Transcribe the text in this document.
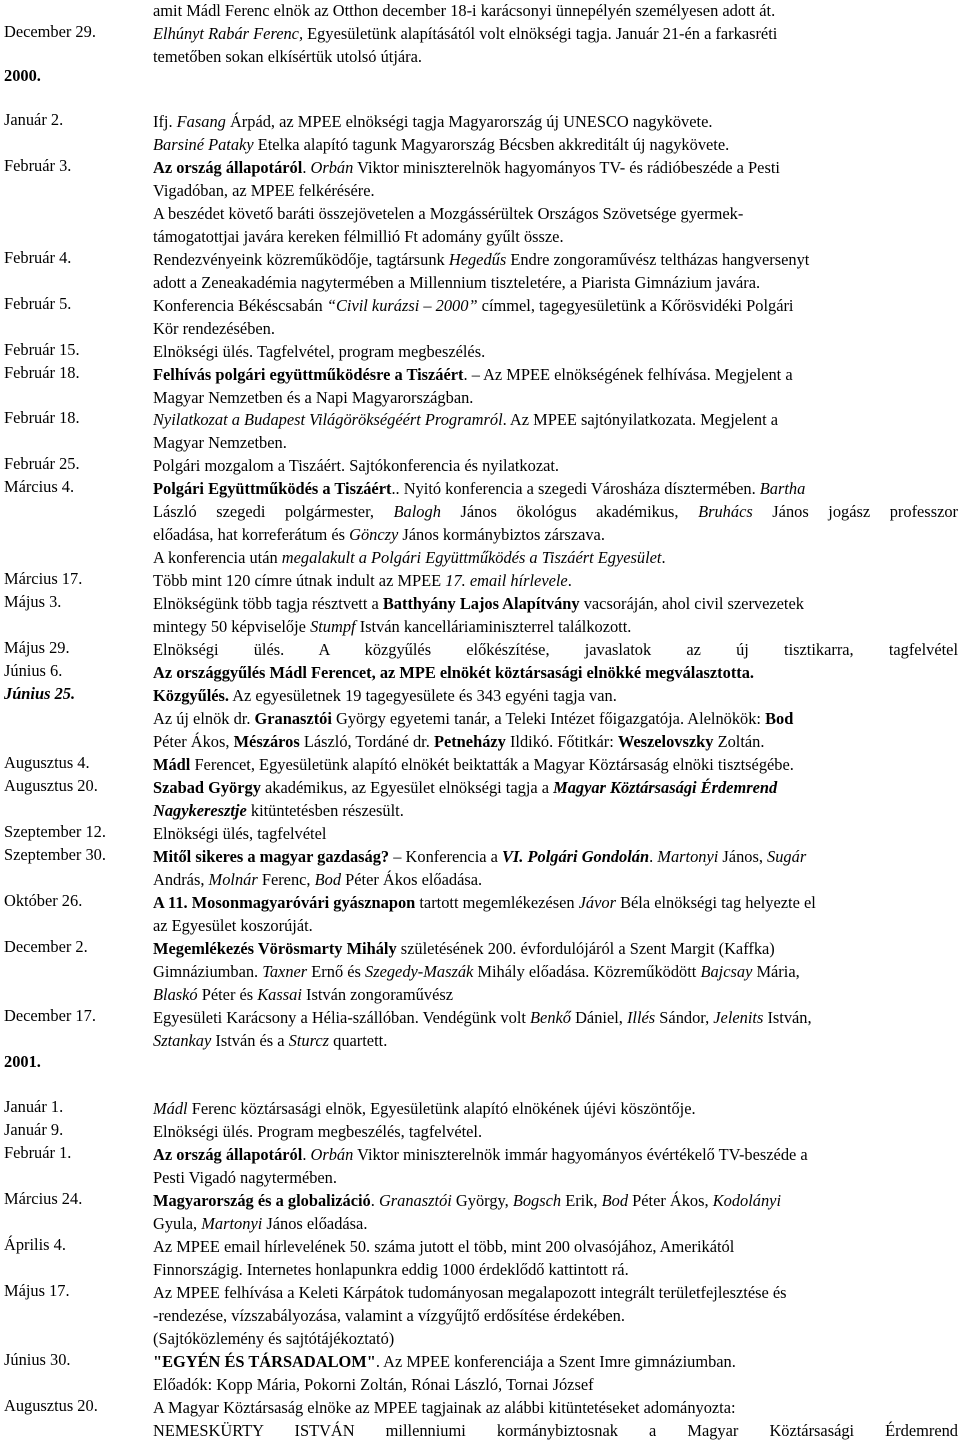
amit Mádl Ferenc elnök az Otthon december 18-i karácsonyi ünnepélyén személyesen adott át.
December 29.	Elhúnyt Rabár Ferenc, Egyesületünk alapításától volt elnökségi tagja. Január 21-én a farkasréti
temetőben sokan elkísértük utolsó útjára.
2000.
Január 2.	Ifj. Fasang Árpád, az MPEE elnökségi tagja Magyarország új UNESCO nagykövete.
Barsiné Pataky Etelka alapító tagunk Magyarország Bécsben akkreditált új nagykövete.
Február 3.	Az ország állapotáról. Orbán Viktor miniszterelnök hagyományos TV- és rádióbeszéde a Pesti
Vigadóban, az MPEE felkérésére.
A beszédet követő baráti összejövetelen a Mozgássérültek Országos Szövetsége gyermek-
támogatottjai javára kereken félmillió Ft adomány gyűlt össze.
Február 4.	Rendezvényeink közreműködője, tagtársunk Hegedűs Endre zongoraművész teltházas hangversenyt
adott a Zeneakadémia nagytermében a Millennium tiszteletére, a Piarista Gimnázium javára.
Február 5.	Konferencia Békéscsabán “Civil kurázsi – 2000” címmel, tagegyesületünk a Kőrösvidéki Polgári
Kör rendezésében.
Február 15.	Elnökségi ülés. Tagfelvétel, program megbeszélés.
Február 18.	Felhívás polgári együttműködésre a Tiszáért. – Az MPEE elnökségének felhívása. Megjelent a
Magyar Nemzetben és a Napi Magyarországban.
Február 18.	Nyilatkozat a Budapest Világörökségéért Programról. Az MPEE sajtónyilatkozata. Megjelent a
Magyar Nemzetben.
Február 25.	Polgári mozgalom a Tiszáért. Sajtókonferencia és nyilatkozat.
Március 4.	Polgári Együttműködés a Tiszáért.. Nyitó konferencia a szegedi Városháza dísztermében. Bartha
László szegedi polgármester, Balogh János ökológus akadémikus, Bruhács János jogász professzor
előadása, hat korreferátum és Gönczy János kormánybiztos zárszava.
A konferencia után megalakult a Polgári Együttműködés a Tiszáért Egyesület.
Március 17.	Több mint 120 címre útnak indult az MPEE 17. email hírlevele.
Május 3.	Elnökségünk több tagja résztvett a Batthyány Lajos Alapítvány vacsoráján, ahol civil szervezetek
mintegy 50 képviselője Stumpf István kancelláriaminiszterrel találkozott.
Május 29.	Elnökségi ülés. A közgyűlés előkészítése, javaslatok az új tisztikarra, tagfelvétel
Június 6.	Az országgyűlés Mádl Ferencet, az MPE elnökét köztársasági elnökké megválasztotta.
Június 25.	Közgyűlés. Az egyesületnek 19 tagegyesülete és 343 egyéni tagja van.
Az új elnök dr. Granasztói György egyetemi tanár, a Teleki Intézet főigazgatója. Alelnökök: Bod
Péter Ákos, Mészáros László, Tordáné dr. Petneházy Ildikó. Főtitkár: Weszelovszky Zoltán.
Augusztus 4.	Mádl Ferencet, Egyesületünk alapító elnökét beiktatták a Magyar Köztársaság elnöki tisztségébe.
Augusztus 20.	Szabad György akadémikus, az Egyesület elnökségi tagja a Magyar Köztársasági Érdemrend
Nagykeresztje kitüntetésben részesült.
Szeptember 12.	Elnökségi ülés, tagfelvétel
Szeptember 30.	Mitől sikeres a magyar gazdaság? – Konferencia a VI. Polgári Gondolán. Martonyi János, Sugár
András, Molnár Ferenc, Bod Péter Ákos előadása.
Október 26.	A 11. Mosonmagyaróvári gyásznapon tartott megemlékezésen Jávor Béla elnökségi tag helyezte el
az Egyesület koszorúját.
December 2.	Megemlékezés Vörösmarty Mihály születésének 200. évfordulójáról a Szent Margit (Kaffka)
Gimnáziumban. Taxner Ernő és Szegedy-Maszák Mihály előadása. Közreműködött Bajcsay Mária,
Blaskó Péter és Kassai István zongoraművész
December 17.	Egyesületi Karácsony a Hélia-szállóban. Vendégünk volt Benkő Dániel, Illés Sándor, Jelenits István,
Sztankay István és a Sturcz quartett.
2001.
Január 1.	Mádl Ferenc köztársasági elnök, Egyesületünk alapító elnökének újévi köszöntője.
Január 9.	Elnökségi ülés. Program megbeszélés, tagfelvétel.
Február 1.	Az ország állapotáról. Orbán Viktor miniszterelnök immár hagyományos évértékelő TV-beszéde a
Pesti Vigadó nagytermében.
Március 24.	Magyarország és a globalizáció. Granasztói György, Bogsch Erik, Bod Péter Ákos, Kodolányi
Gyula, Martonyi János előadása.
Április 4.	Az MPEE email hírlevelének 50. száma jutott el több, mint 200 olvasójához, Amerikától
Finnországig. Internetes honlapunkra eddig 1000 érdeklődő kattintott rá.
Május 17.	Az MPEE felhívása a Keleti Kárpátok tudományosan megalapozott integrált területfejlesztése és
-rendezése, vízszabályozása, valamint a vízgyűjtő erdősítése érdekében.
(Sajtóközlemény és sajtótájékoztató)
Június 30.	"EGYÉN ÉS TÁRSADALOM". Az MPEE konferenciája a Szent Imre gimnáziumban.
Előadók: Kopp Mária, Pokorni Zoltán, Rónai László, Tornai József
Augusztus 20.	A Magyar Köztársaság elnöke az MPEE tagjainak az alábbi kitüntetéseket adományozta:
NEMESKÜRTY ISTVÁN millenniumi kormánybiztosnak a Magyar Köztársasági Érdemrend
